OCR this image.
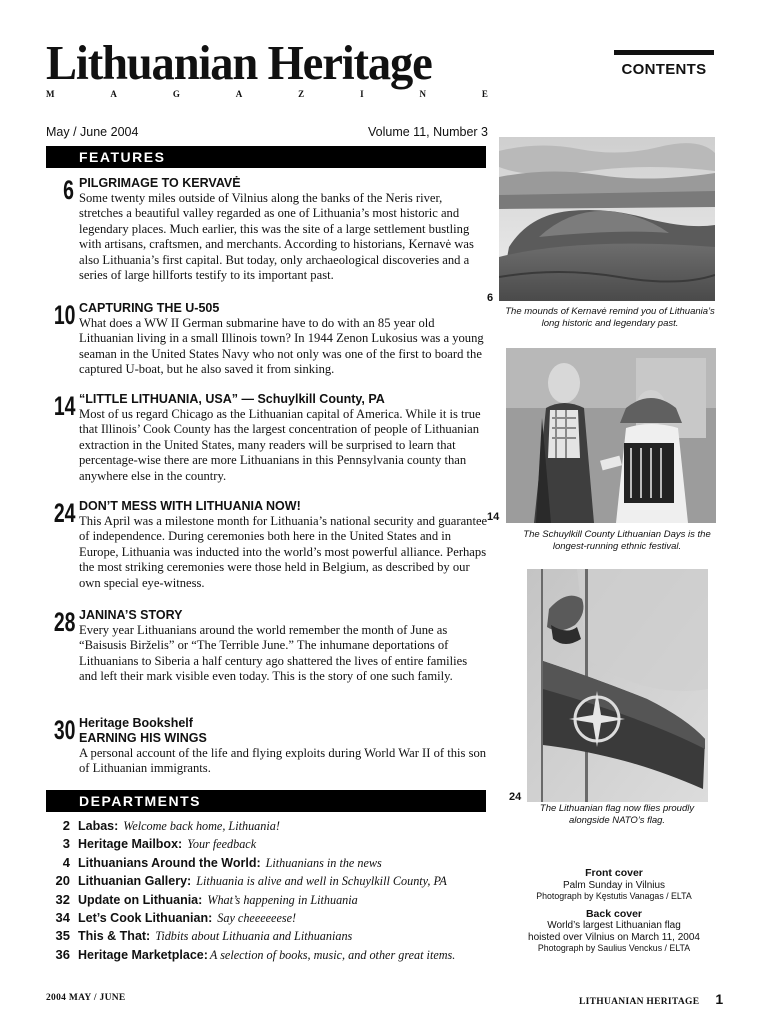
Lithuanian Heritage
M	A	G	A	Z	I	N	E
May / June 2004	Volume 11, Number 3
CONTENTS
FEATURES
6 PILGRIMAGE TO KERVAVĖ
Some twenty miles outside of Vilnius along the banks of the Neris river, stretches a beautiful valley regarded as one of Lithuania’s most historic and legendary places. Much earlier, this was the site of a large settlement bustling with artisans, craftsmen, and merchants. According to historians, Kernavė was also Lithuania’s first capital. But today, only archaeological discoveries and a series of large hillforts testify to its important past.
10 CAPTURING THE U-505
What does a WW II German submarine have to do with an 85 year old Lithuanian living in a small Illinois town? In 1944 Zenon Lukosius was a young seaman in the United States Navy who not only was one of the first to board the captured U-boat, but he also saved it from sinking.
14 “LITTLE LITHUANIA, USA” — Schuylkill County, PA
Most of us regard Chicago as the Lithuanian capital of America. While it is true that Illinois’ Cook County has the largest concentration of people of Lithuanian extraction in the United States, many readers will be surprised to learn that percentage-wise there are more Lithuanians in this Pennsylvania county than anywhere else in the country.
24 DON’T MESS WITH LITHUANIA NOW!
This April was a milestone month for Lithuania’s national security and guarantee of independence. During ceremonies both here in the United States and in Europe, Lithuania was inducted into the world’s most powerful alliance. Perhaps the most striking ceremonies were those held in Belgium, as described by our own special eye-witness.
28 JANINA’S STORY
Every year Lithuanians around the world remember the month of June as “Baisusis Birželis” or “The Terrible June.” The inhumane deportations of Lithuanians to Siberia a half century ago shattered the lives of entire families and left their mark visible even today. This is the story of one such family.
30 Heritage Bookshelf
EARNING HIS WINGS
A personal account of the life and flying exploits during World War II of this son of Lithuanian immigrants.
DEPARTMENTS
2 Labas: Welcome back home, Lithuania!
3 Heritage Mailbox: Your feedback
4 Lithuanians Around the World: Lithuanians in the news
20 Lithuanian Gallery: Lithuania is alive and well in Schuylkill County, PA
32 Update on Lithuania: What’s happening in Lithuania
34 Let’s Cook Lithuanian: Say cheeeeeese!
35 This & That: Tidbits about Lithuania and Lithuanians
36 Heritage Marketplace: A selection of books, music, and other great items.
6
The mounds of Kernavė remind you of Lithuania’s long historic and legendary past.
14
The Schuylkill County Lithuanian Days is the longest-running ethnic festival.
24
The Lithuanian flag now flies proudly alongside NATO’s flag.
Front cover
Palm Sunday in Vilnius
Photograph by Kęstutis Vanagas / ELTA
Back cover
World’s largest Lithuanian flag
hoisted over Vilnius on March 11, 2004
Photograph by Saulius Venckus / ELTA
2004 MAY / JUNE	LITHUANIAN HERITAGE 1
